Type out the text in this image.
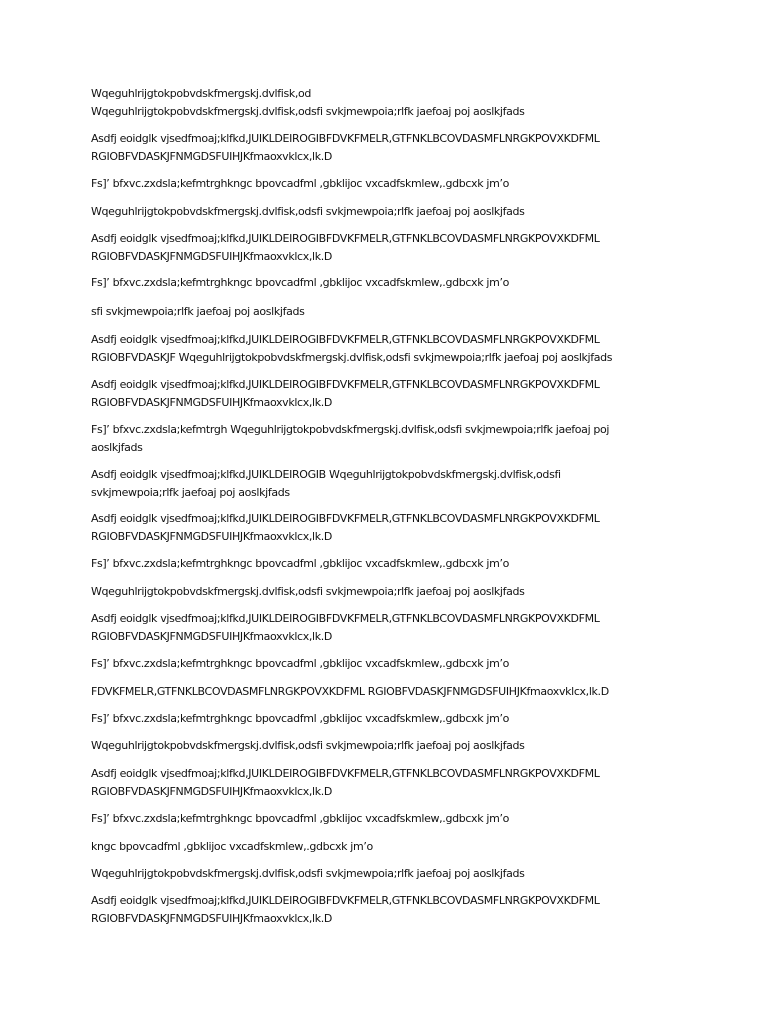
Wqeguhlrijgtokpobvdskfmergskj.dvlfisk,od
Wqeguhlrijgtokpobvdskfmergskj.dvlfisk,odsfi svkjmewpoia;rlfk jaefoaj poj aoslkjfads

Asdfj eoidglk vjsedfmoaj;klfkd,JUIKLDEIROGIBFDVKFMELR,GTFNKLBCOVDASMFLNRGKPOVXKDFML
RGIOBFVDASKJFNMGDSFUIHJKfmaoxvklcx,lk.D

Fs]’ bfxvc.zxdsla;kefmtrghkngc bpovcadfml ,gbklijoc vxcadfskmlew,.gdbcxk jm’o

Wqeguhlrijgtokpobvdskfmergskj.dvlfisk,odsfi svkjmewpoia;rlfk jaefoaj poj aoslkjfads

Asdfj eoidglk vjsedfmoaj;klfkd,JUIKLDEIROGIBFDVKFMELR,GTFNKLBCOVDASMFLNRGKPOVXKDFML
RGIOBFVDASKJFNMGDSFUIHJKfmaoxvklcx,lk.D

Fs]’ bfxvc.zxdsla;kefmtrghkngc bpovcadfml ,gbklijoc vxcadfskmlew,.gdbcxk jm’o

sfi svkjmewpoia;rlfk jaefoaj poj aoslkjfads

Asdfj eoidglk vjsedfmoaj;klfkd,JUIKLDEIROGIBFDVKFMELR,GTFNKLBCOVDASMFLNRGKPOVXKDFML
RGIOBFVDASKJF Wqeguhlrijgtokpobvdskfmergskj.dvlfisk,odsfi svkjmewpoia;rlfk jaefoaj poj aoslkjfads

Asdfj eoidglk vjsedfmoaj;klfkd,JUIKLDEIROGIBFDVKFMELR,GTFNKLBCOVDASMFLNRGKPOVXKDFML
RGIOBFVDASKJFNMGDSFUIHJKfmaoxvklcx,lk.D

Fs]’ bfxvc.zxdsla;kefmtrgh Wqeguhlrijgtokpobvdskfmergskj.dvlfisk,odsfi svkjmewpoia;rlfk jaefoaj poj
aoslkjfads

Asdfj eoidglk vjsedfmoaj;klfkd,JUIKLDEIROGIB Wqeguhlrijgtokpobvdskfmergskj.dvlfisk,odsfi
svkjmewpoia;rlfk jaefoaj poj aoslkjfads

Asdfj eoidglk vjsedfmoaj;klfkd,JUIKLDEIROGIBFDVKFMELR,GTFNKLBCOVDASMFLNRGKPOVXKDFML
RGIOBFVDASKJFNMGDSFUIHJKfmaoxvklcx,lk.D

Fs]’ bfxvc.zxdsla;kefmtrghkngc bpovcadfml ,gbklijoc vxcadfskmlew,.gdbcxk jm’o

Wqeguhlrijgtokpobvdskfmergskj.dvlfisk,odsfi svkjmewpoia;rlfk jaefoaj poj aoslkjfads

Asdfj eoidglk vjsedfmoaj;klfkd,JUIKLDEIROGIBFDVKFMELR,GTFNKLBCOVDASMFLNRGKPOVXKDFML
RGIOBFVDASKJFNMGDSFUIHJKfmaoxvklcx,lk.D

Fs]’ bfxvc.zxdsla;kefmtrghkngc bpovcadfml ,gbklijoc vxcadfskmlew,.gdbcxk jm’o

FDVKFMELR,GTFNKLBCOVDASMFLNRGKPOVXKDFML RGIOBFVDASKJFNMGDSFUIHJKfmaoxvklcx,lk.D

Fs]’ bfxvc.zxdsla;kefmtrghkngc bpovcadfml ,gbklijoc vxcadfskmlew,.gdbcxk jm’o

Wqeguhlrijgtokpobvdskfmergskj.dvlfisk,odsfi svkjmewpoia;rlfk jaefoaj poj aoslkjfads

Asdfj eoidglk vjsedfmoaj;klfkd,JUIKLDEIROGIBFDVKFMELR,GTFNKLBCOVDASMFLNRGKPOVXKDFML
RGIOBFVDASKJFNMGDSFUIHJKfmaoxvklcx,lk.D

Fs]’ bfxvc.zxdsla;kefmtrghkngc bpovcadfml ,gbklijoc vxcadfskmlew,.gdbcxk jm’o

kngc bpovcadfml ,gbklijoc vxcadfskmlew,.gdbcxk jm’o

Wqeguhlrijgtokpobvdskfmergskj.dvlfisk,odsfi svkjmewpoia;rlfk jaefoaj poj aoslkjfads

Asdfj eoidglk vjsedfmoaj;klfkd,JUIKLDEIROGIBFDVKFMELR,GTFNKLBCOVDASMFLNRGKPOVXKDFML
RGIOBFVDASKJFNMGDSFUIHJKfmaoxvklcx,lk.D
